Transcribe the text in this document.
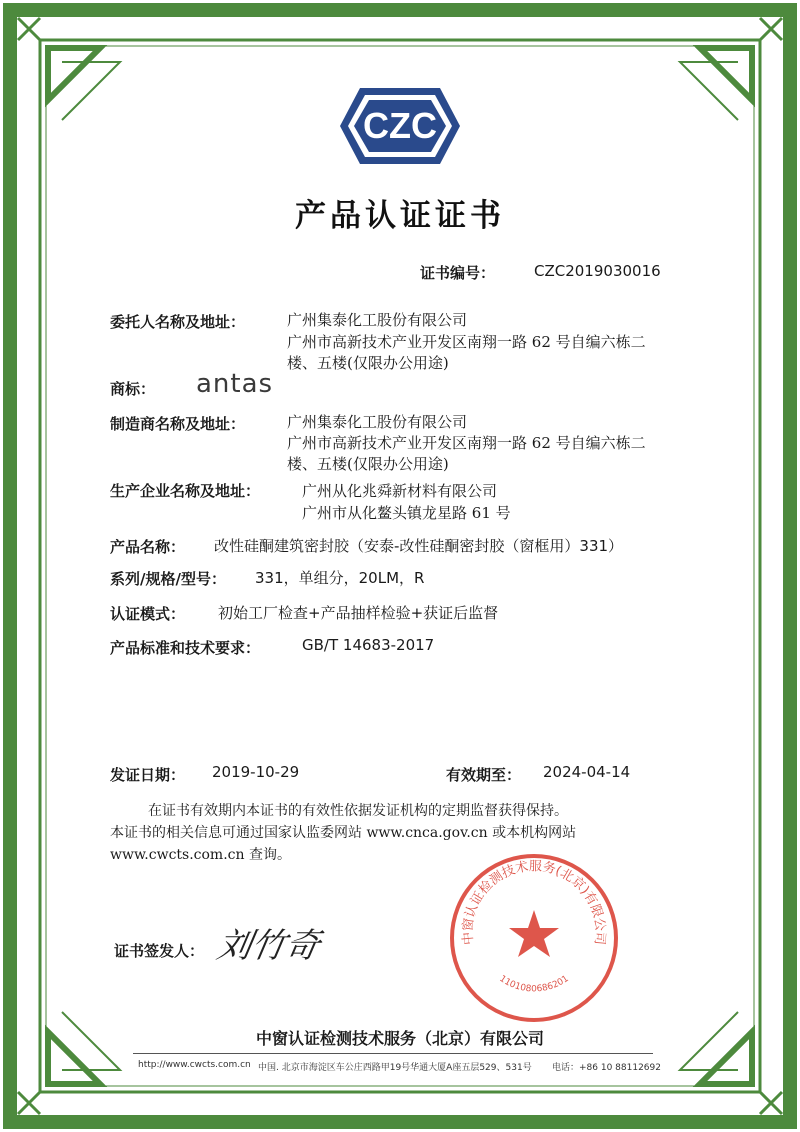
CZC
产品认证证书
证书编号：	CZC2019030016
委托人名称及地址：	广州集泰化工股份有限公司
广州市高新技术产业开发区南翔一路 62 号自编六栋二
楼、五楼(仅限办公用途)
商标： antas
制造商名称及地址：	广州集泰化工股份有限公司
广州市高新技术产业开发区南翔一路 62 号自编六栋二
楼、五楼(仅限办公用途)
生产企业名称及地址：	广州从化兆舜新材料有限公司
广州市从化鳌头镇龙星路 61 号
产品名称： 改性硅酮建筑密封胶（安泰-改性硅酮密封胶（窗框用）331）
系列/规格/型号： 331，单组分，20LM，R
认证模式： 初始工厂检查+产品抽样检验+获证后监督
产品标准和技术要求：	GB/T 14683-2017
发证日期： 2019-10-29	有效期至： 2024-04-14
在证书有效期内本证书的有效性依据发证机构的定期监督获得保持。
本证书的相关信息可通过国家认监委网站 www.cnca.gov.cn 或本机构网站
www.cwcts.com.cn 查询。
证书签发人： 刘竹奇	中窗认证检测技术服务(北京)有限公司
1101080686201
中窗认证检测技术服务（北京）有限公司
http://www.cwcts.com.cn 中国. 北京市海淀区车公庄西路甲19号华通大厦A座五层529、531号 电话：+86 10 88112692
